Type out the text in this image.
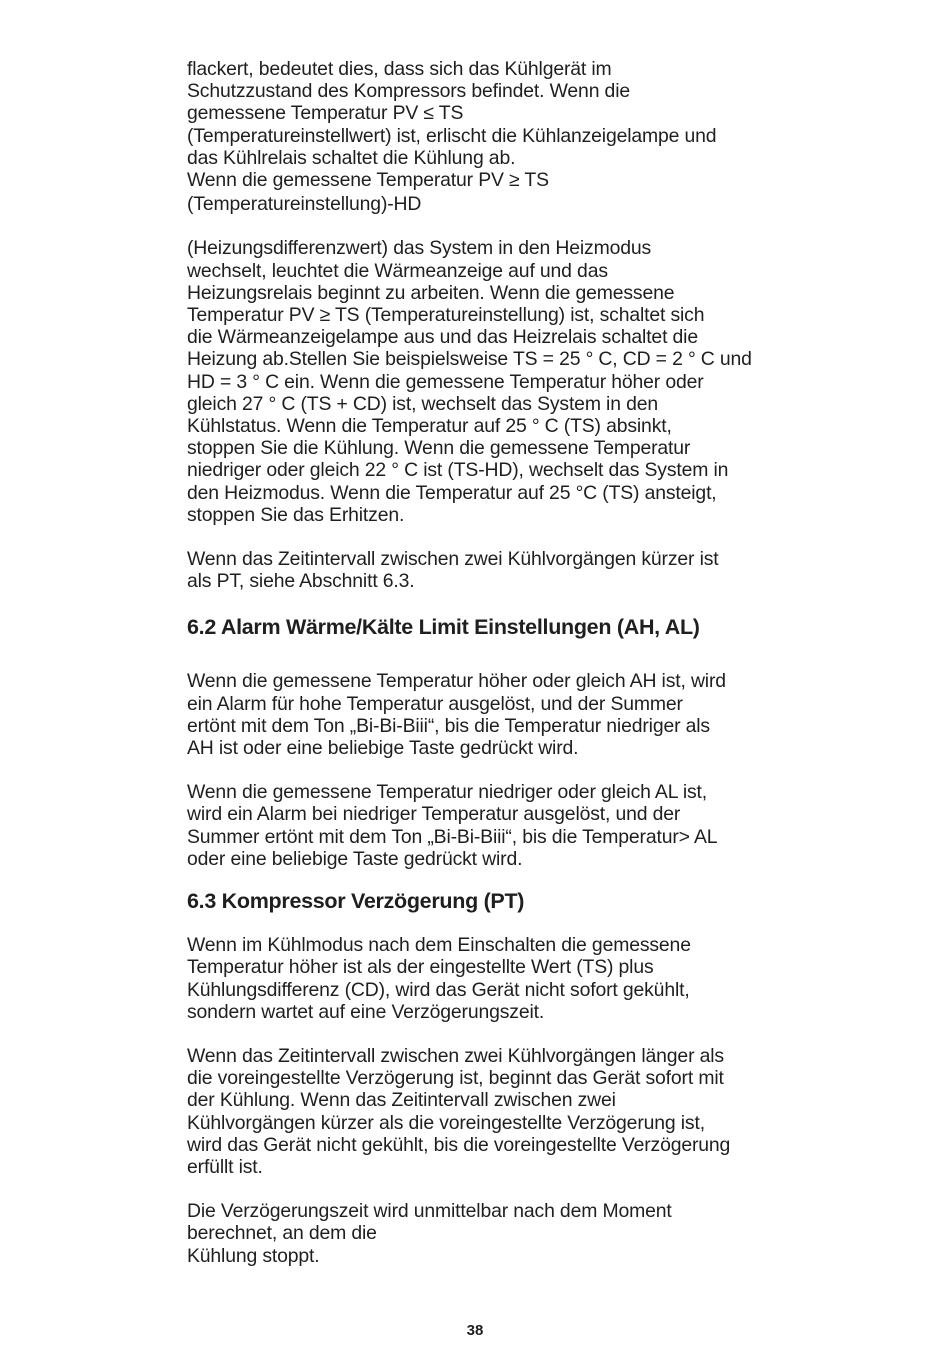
flackert, bedeutet dies, dass sich das Kühlgerät im
Schutzzustand des Kompressors befindet. Wenn die
gemessene Temperatur PV ≤ TS
(Temperatureinstellwert) ist, erlischt die Kühlanzeigelampe und
das Kühlrelais schaltet die Kühlung ab.
Wenn die gemessene Temperatur PV ≥ TS
(Temperatureinstellung)-HD
(Heizungsdifferenzwert) das System in den Heizmodus
wechselt, leuchtet die Wärmeanzeige auf und das
Heizungsrelais beginnt zu arbeiten. Wenn die gemessene
Temperatur PV ≥ TS (Temperatureinstellung) ist, schaltet sich
die Wärmeanzeigelampe aus und das Heizrelais schaltet die
Heizung ab.Stellen Sie beispielsweise TS = 25 ° C, CD = 2 ° C und
HD = 3 ° C ein. Wenn die gemessene Temperatur höher oder
gleich 27 ° C (TS + CD) ist, wechselt das System in den
Kühlstatus. Wenn die Temperatur auf 25 ° C (TS) absinkt,
stoppen Sie die Kühlung. Wenn die gemessene Temperatur
niedriger oder gleich 22 ° C ist (TS-HD), wechselt das System in
den Heizmodus. Wenn die Temperatur auf 25 °C (TS) ansteigt,
stoppen Sie das Erhitzen.
Wenn das Zeitintervall zwischen zwei Kühlvorgängen kürzer ist
als PT, siehe Abschnitt 6.3.
6.2 Alarm Wärme/Kälte Limit Einstellungen (AH, AL)
Wenn die gemessene Temperatur höher oder gleich AH ist, wird
ein Alarm für hohe Temperatur ausgelöst, und der Summer
ertönt mit dem Ton „Bi-Bi-Biii“, bis die Temperatur niedriger als
AH ist oder eine beliebige Taste gedrückt wird.
Wenn die gemessene Temperatur niedriger oder gleich AL ist,
wird ein Alarm bei niedriger Temperatur ausgelöst, und der
Summer ertönt mit dem Ton „Bi-Bi-Biii“, bis die Temperatur> AL
oder eine beliebige Taste gedrückt wird.
6.3 Kompressor Verzögerung (PT)
Wenn im Kühlmodus nach dem Einschalten die gemessene
Temperatur höher ist als der eingestellte Wert (TS) plus
Kühlungsdifferenz (CD), wird das Gerät nicht sofort gekühlt,
sondern wartet auf eine Verzögerungszeit.
Wenn das Zeitintervall zwischen zwei Kühlvorgängen länger als
die voreingestellte Verzögerung ist, beginnt das Gerät sofort mit
der Kühlung. Wenn das Zeitintervall zwischen zwei
Kühlvorgängen kürzer als die voreingestellte Verzögerung ist,
wird das Gerät nicht gekühlt, bis die voreingestellte Verzögerung
erfüllt ist.
Die Verzögerungszeit wird unmittelbar nach dem Moment
berechnet, an dem die
Kühlung stoppt.
38
